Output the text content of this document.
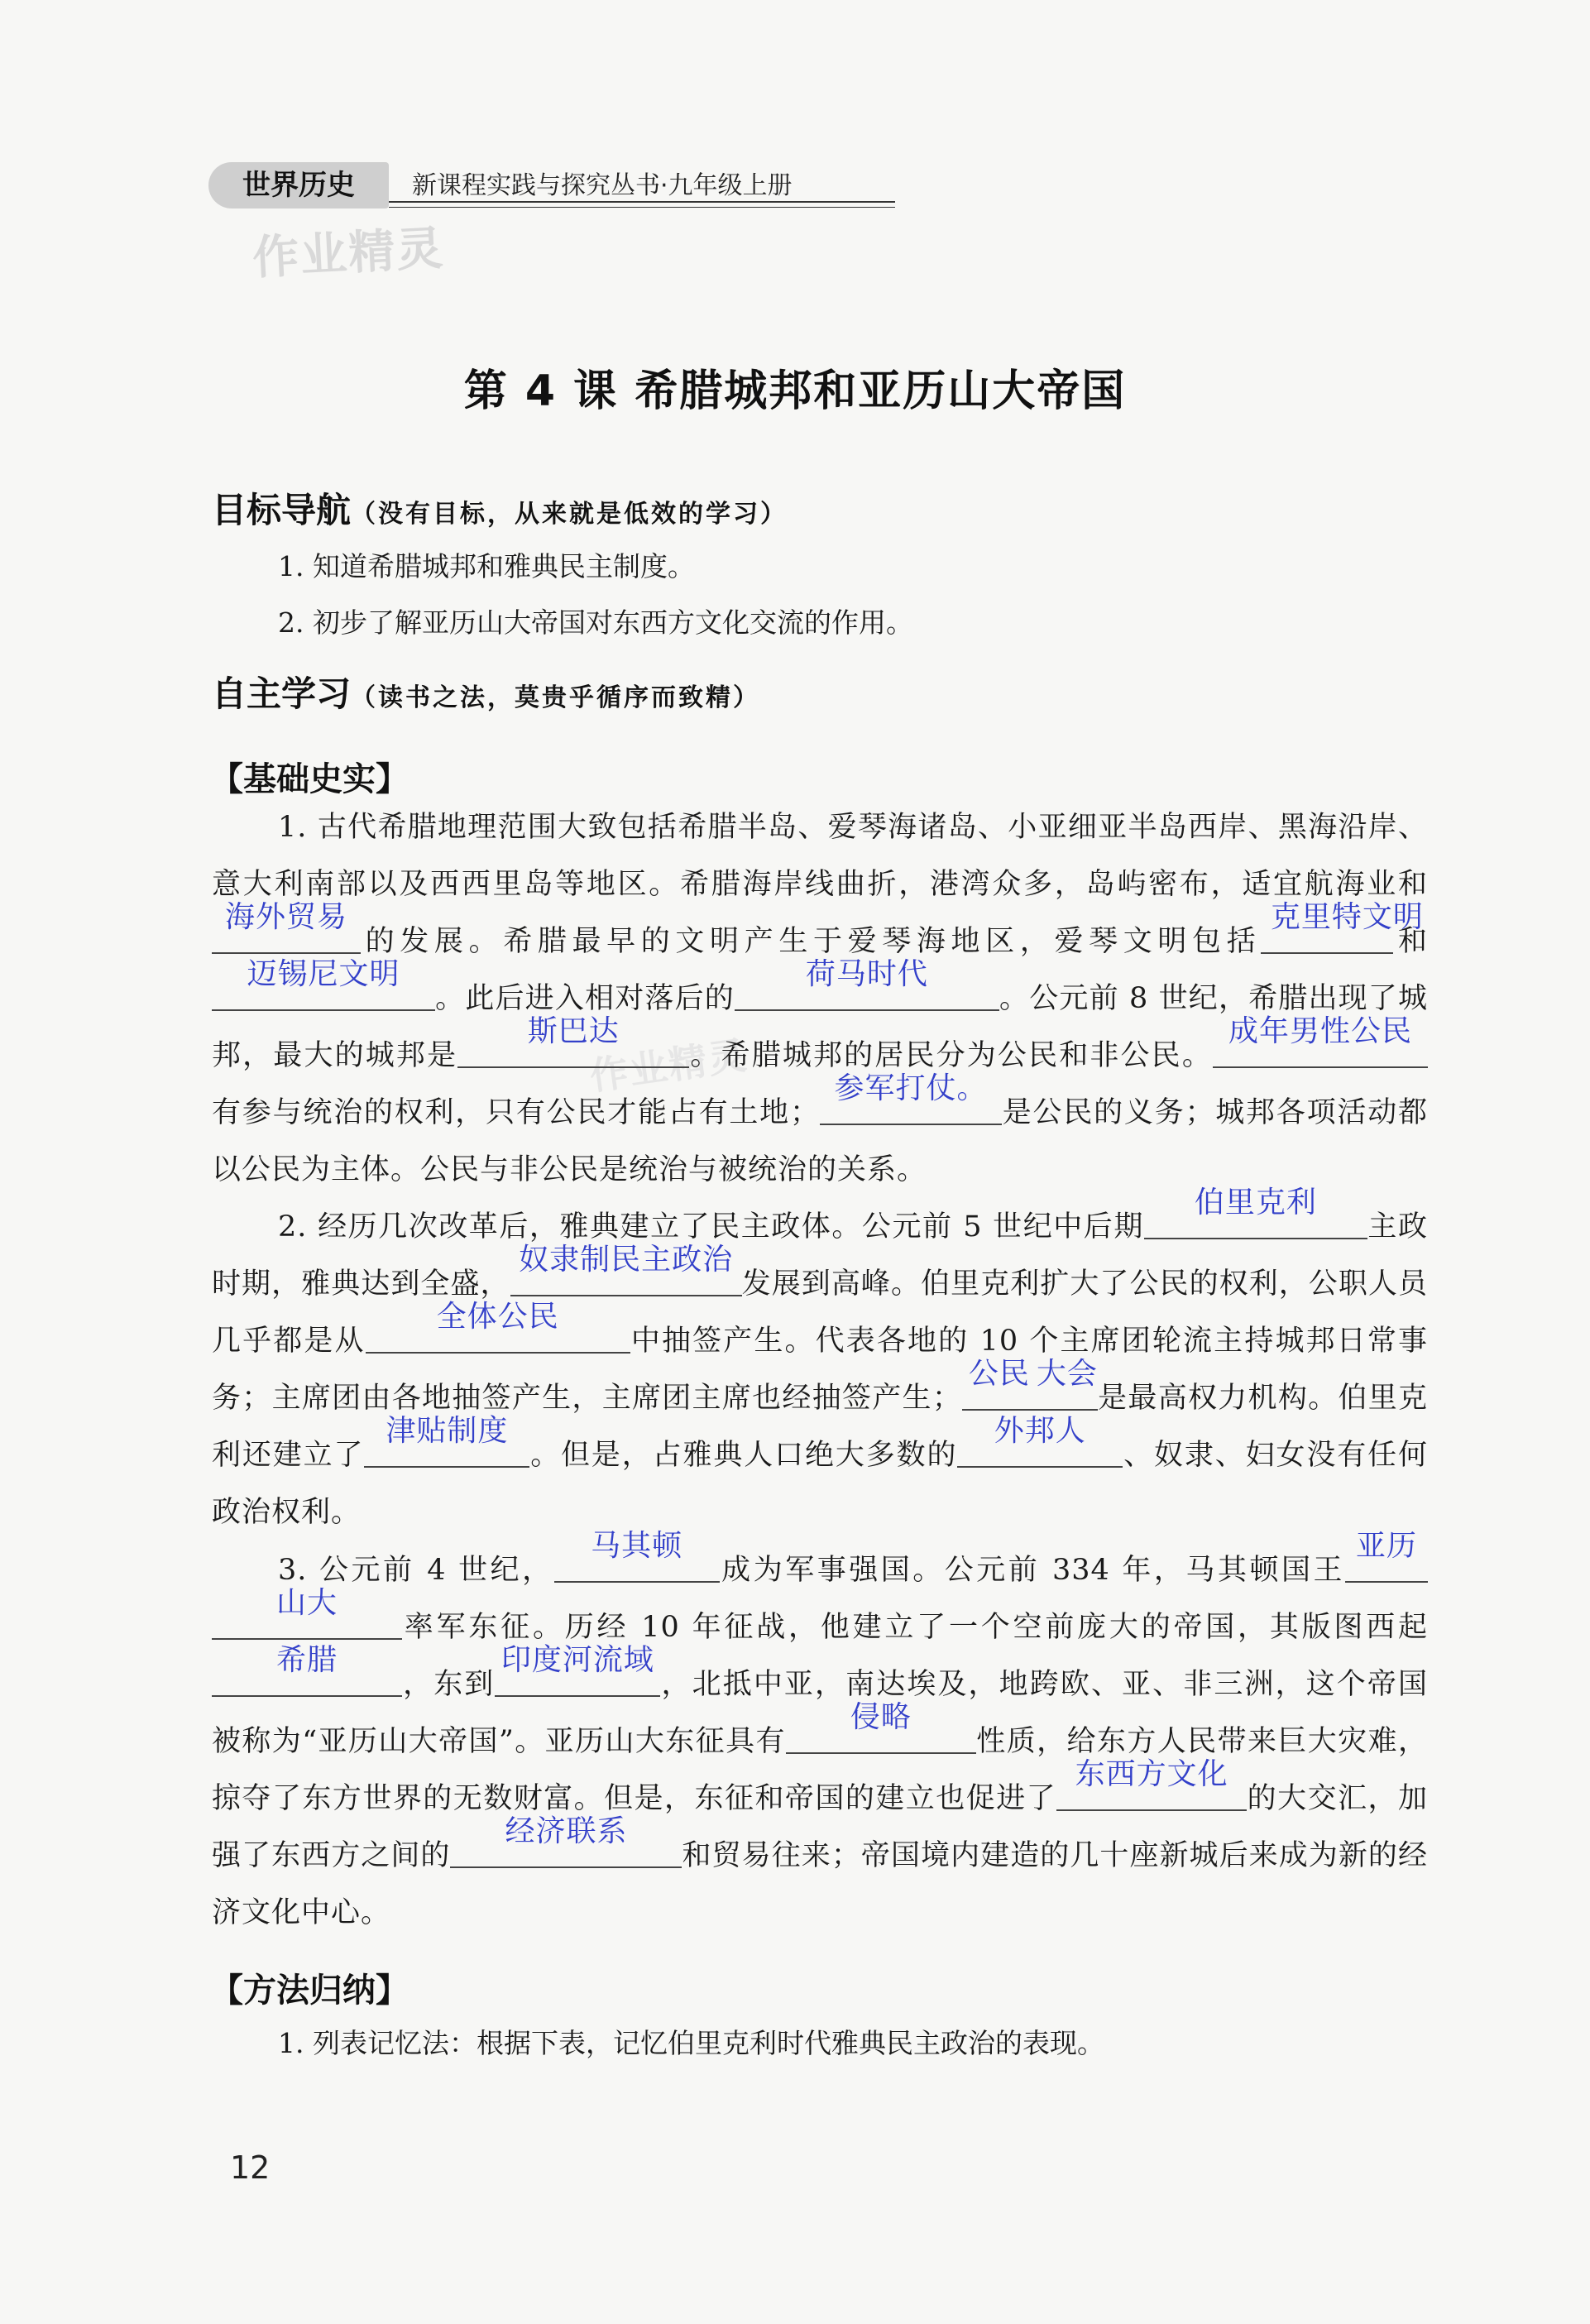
世界历史	新课程实践与探究丛书·九年级上册
作业精灵
作业精灵
第 4 课 希腊城邦和亚历山大帝国
目标导航（没有目标，从来就是低效的学习）
1. 知道希腊城邦和雅典民主制度。
2. 初步了解亚历山大帝国对东西方文化交流的作用。
自主学习（读书之法，莫贵乎循序而致精）
【基础史实】
1. 古代希腊地理范围大致包括希腊半岛、爱琴海诸岛、小亚细亚半岛西岸、黑海沿岸、意大利南部以及西西里岛等地区。希腊海岸线曲折，港湾众多，岛屿密布，适宜航海业和
海外贸易
的发展。希腊最早的文明产生于爱琴海地区，爱琴文明包括
克里特文明
和
迈锡尼文明
。此后进入相对落后的
荷马时代
。公元前 8 世纪，希腊出现了城邦，最大的城邦是
斯巴达
。希腊城邦的居民分为公民和非公民。
成年男性公民
有参与统治的权利，只有公民才能占有土地；
参军打仗。
是公民的义务；城邦各项活动都以公民为主体。公民与非公民是统治与被统治的关系。
2. 经历几次改革后，雅典建立了民主政体。公元前 5 世纪中后期
伯里克利
主政时期，雅典达到全盛，
奴隶制民主政治
发展到高峰。伯里克利扩大了公民的权利，公职人员几乎都是从
全体公民
中抽签产生。代表各地的 10 个主席团轮流主持城邦日常事务；主席团由各地抽签产生，主席团主席也经抽签产生；
公民 大会
是最高权力机构。伯里克利还建立了
津贴制度
。但是，占雅典人口绝大多数的
外邦人
、奴隶、妇女没有任何政治权利。
3. 公元前 4 世纪，
马其顿
成为军事强国。公元前 334 年，马其顿国王
亚历
山大
率军东征。历经 10 年征战，他建立了一个空前庞大的帝国，其版图西起
希腊
，东到
印度河流域
，北抵中亚，南达埃及，地跨欧、亚、非三洲，这个帝国被称为“亚历山大帝国”。亚历山大东征具有
侵略
性质，给东方人民带来巨大灾难，掠夺了东方世界的无数财富。但是，东征和帝国的建立也促进了
东西方文化
的大交汇，加强了东西方之间的
经济联系
和贸易往来；帝国境内建造的几十座新城后来成为新的经济文化中心。
【方法归纳】
1. 列表记忆法：根据下表，记忆伯里克利时代雅典民主政治的表现。
12
